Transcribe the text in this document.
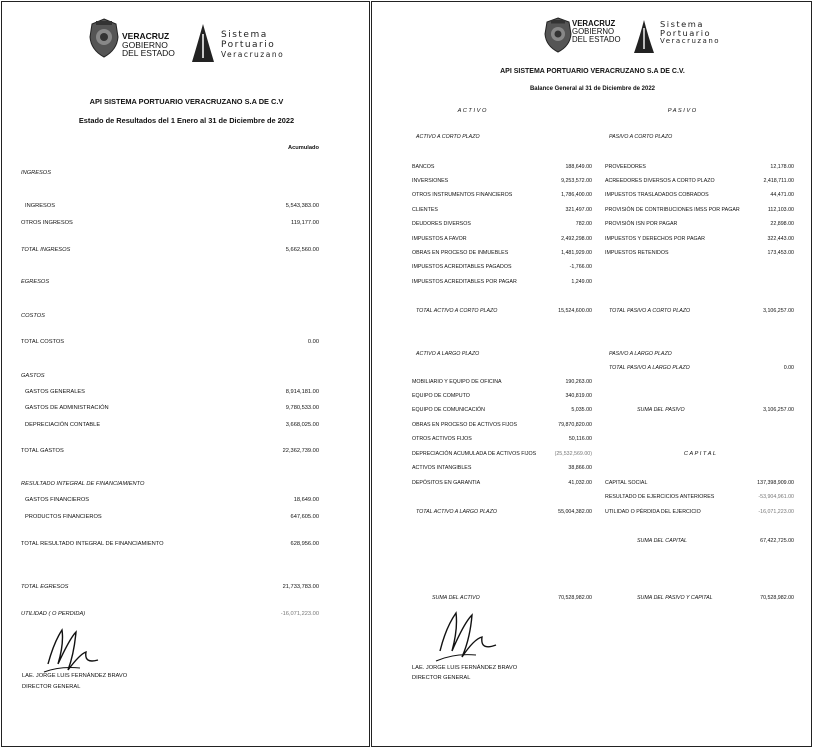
VERACRUZ
GOBIERNO
DEL ESTADO
Sistema
Portuario
Veracruzano
API SISTEMA PORTUARIO VERACRUZANO S.A DE C.V
Estado de Resultados del 1 Enero al 31 de Diciembre de 2022
Acumulado
INGRESOS
INGRESOS	5,543,383.00
OTROS INGRESOS	119,177.00
TOTAL INGRESOS	5,662,560.00
EGRESOS
COSTOS
TOTAL COSTOS	0.00
GASTOS
GASTOS GENERALES	8,914,181.00
GASTOS DE ADMINISTRACIÓN	9,780,533.00
DEPRECIACIÓN CONTABLE	3,668,025.00
TOTAL GASTOS	22,362,739.00
RESULTADO INTEGRAL DE FINANCIAMIENTO
GASTOS FINANCIEROS	18,649.00
PRODUCTOS FINANCIEROS	647,605.00
TOTAL RESULTADO INTEGRAL DE FINANCIAMIENTO	628,956.00
TOTAL EGRESOS	21,733,783.00
UTILIDAD ( O PERDIDA)	-16,071,223.00
LAE. JORGE LUIS FERNÁNDEZ BRAVO
DIRECTOR GENERAL
VERACRUZ
GOBIERNO
DEL ESTADO
Sistema
Portuario
Veracruzano
API SISTEMA PORTUARIO VERACRUZANO S.A DE C.V.
Balance General al 31 de Diciembre de 2022
A C T I V O	P A S I V O
ACTIVO A CORTO PLAZO
BANCOS	188,649.00
INVERSIONES	9,253,572.00
OTROS INSTRUMENTOS FINANCIEROS	1,786,400.00
CLIENTES	321,497.00
DEUDORES DIVERSOS	782.00
IMPUESTOS A FAVOR	2,492,298.00
OBRAS EN PROCESO DE INMUEBLES	1,481,929.00
IMPUESTOS ACREDITABLES PAGADOS	-1,766.00
IMPUESTOS ACREDITABLES POR PAGAR	1,249.00
TOTAL ACTIVO A CORTO PLAZO	15,524,600.00
ACTIVO A LARGO PLAZO
MOBILIARIO Y EQUIPO DE OFICINA	190,263.00
EQUIPO DE COMPUTO	340,819.00
EQUIPO DE COMUNICACIÓN	5,035.00
OBRAS EN PROCESO DE ACTIVOS FIJOS	79,870,820.00
OTROS ACTIVOS FIJOS	50,116.00
DEPRECIACIÓN ACUMULADA DE ACTIVOS FIJOS	(25,532,569.00)
ACTIVOS INTANGIBLES	38,866.00
DEPÓSITOS EN GARANTIA	41,032.00
TOTAL ACTIVO A LARGO PLAZO	55,004,382.00
SUMA DEL ACTIVO	70,528,982.00
PASIVO A CORTO PLAZO
PROVEEDORES	12,178.00
ACREEDORES DIVERSOS A CORTO PLAZO	2,418,711.00
IMPUESTOS TRASLADADOS COBRADOS	44,471.00
PROVISIÓN DE CONTRIBUCIONES IMSS POR PAGAR	112,103.00
PROVISIÓN ISN POR PAGAR	22,898.00
IMPUESTOS Y DERECHOS POR PAGAR	322,443.00
IMPUESTOS RETENIDOS	173,453.00
TOTAL PASIVO A CORTO PLAZO	3,106,257.00
PASIVO A LARGO PLAZO
TOTAL PASIVO A LARGO PLAZO	0.00
SUMA DEL PASIVO	3,106,257.00
C A P I T A L
CAPITAL SOCIAL	137,398,909.00
RESULTADO DE EJERCICIOS ANTERIORES	-53,904,961.00
UTILIDAD O PÉRDIDA DEL EJERCICIO	-16,071,223.00
SUMA DEL CAPITAL	67,422,725.00
SUMA DEL PASIVO Y CAPITAL	70,528,982.00
LAE. JORGE LUIS FERNÁNDEZ BRAVO
DIRECTOR GENERAL
